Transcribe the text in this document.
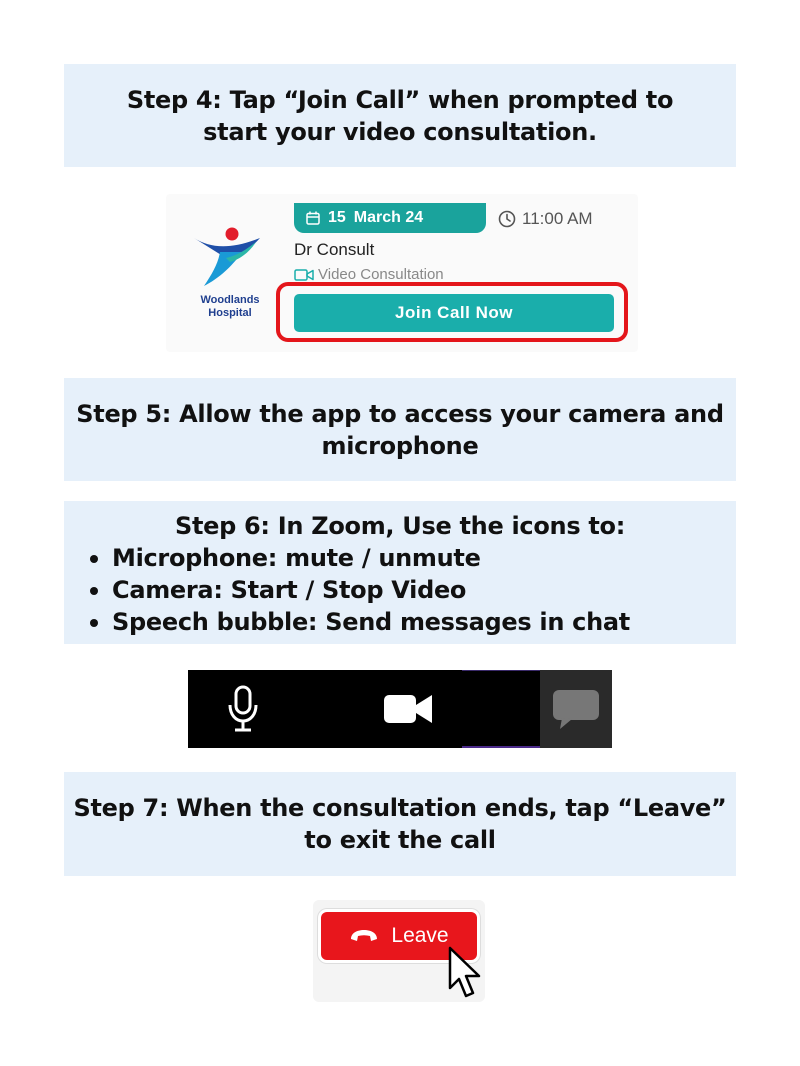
Step 4: Tap “Join Call” when prompted to start your video consultation.
Woodlands
Hospital
15 March 24	11:00 AM
Dr Consult
Video Consultation
Join Call Now
Step 5: Allow the app to access your camera and microphone
Step 6: In Zoom, Use the icons to:
Microphone: mute / unmute
Camera: Start / Stop Video
Speech bubble: Send messages in chat
Step 7: When the consultation ends, tap “Leave” to exit the call
Leave
